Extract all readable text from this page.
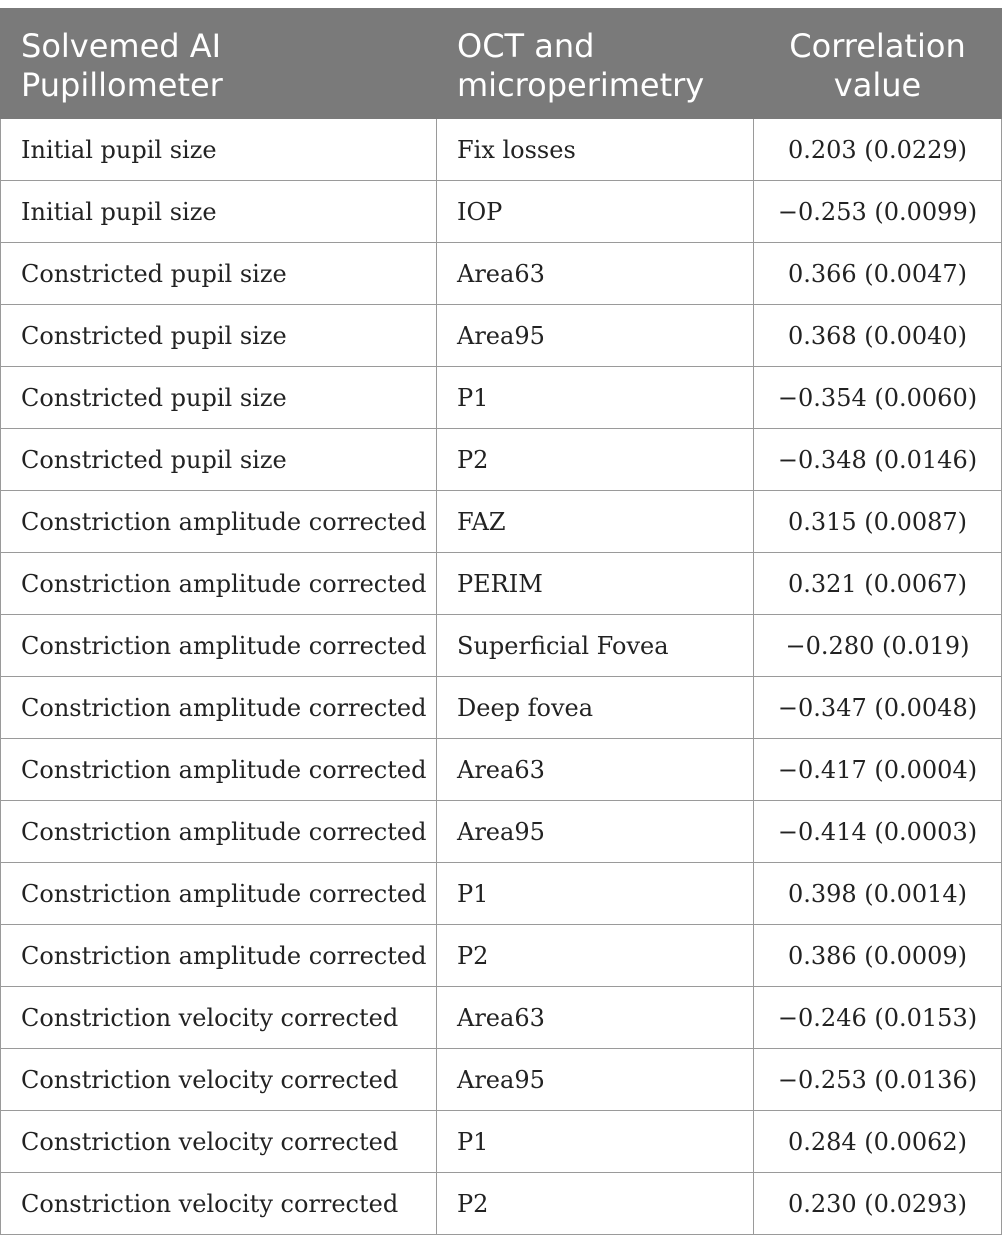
Solvemed AI Pupillometer	OCT and microperimetry	Correlation value
Initial pupil size	Fix losses	0.203 (0.0229)
Initial pupil size	IOP	−0.253 (0.0099)
Constricted pupil size	Area63	0.366 (0.0047)
Constricted pupil size	Area95	0.368 (0.0040)
Constricted pupil size	P1	−0.354 (0.0060)
Constricted pupil size	P2	−0.348 (0.0146)
Constriction amplitude corrected	FAZ	0.315 (0.0087)
Constriction amplitude corrected	PERIM	0.321 (0.0067)
Constriction amplitude corrected	Superficial Fovea	−0.280 (0.019)
Constriction amplitude corrected	Deep fovea	−0.347 (0.0048)
Constriction amplitude corrected	Area63	−0.417 (0.0004)
Constriction amplitude corrected	Area95	−0.414 (0.0003)
Constriction amplitude corrected	P1	0.398 (0.0014)
Constriction amplitude corrected	P2	0.386 (0.0009)
Constriction velocity corrected	Area63	−0.246 (0.0153)
Constriction velocity corrected	Area95	−0.253 (0.0136)
Constriction velocity corrected	P1	0.284 (0.0062)
Constriction velocity corrected	P2	0.230 (0.0293)
